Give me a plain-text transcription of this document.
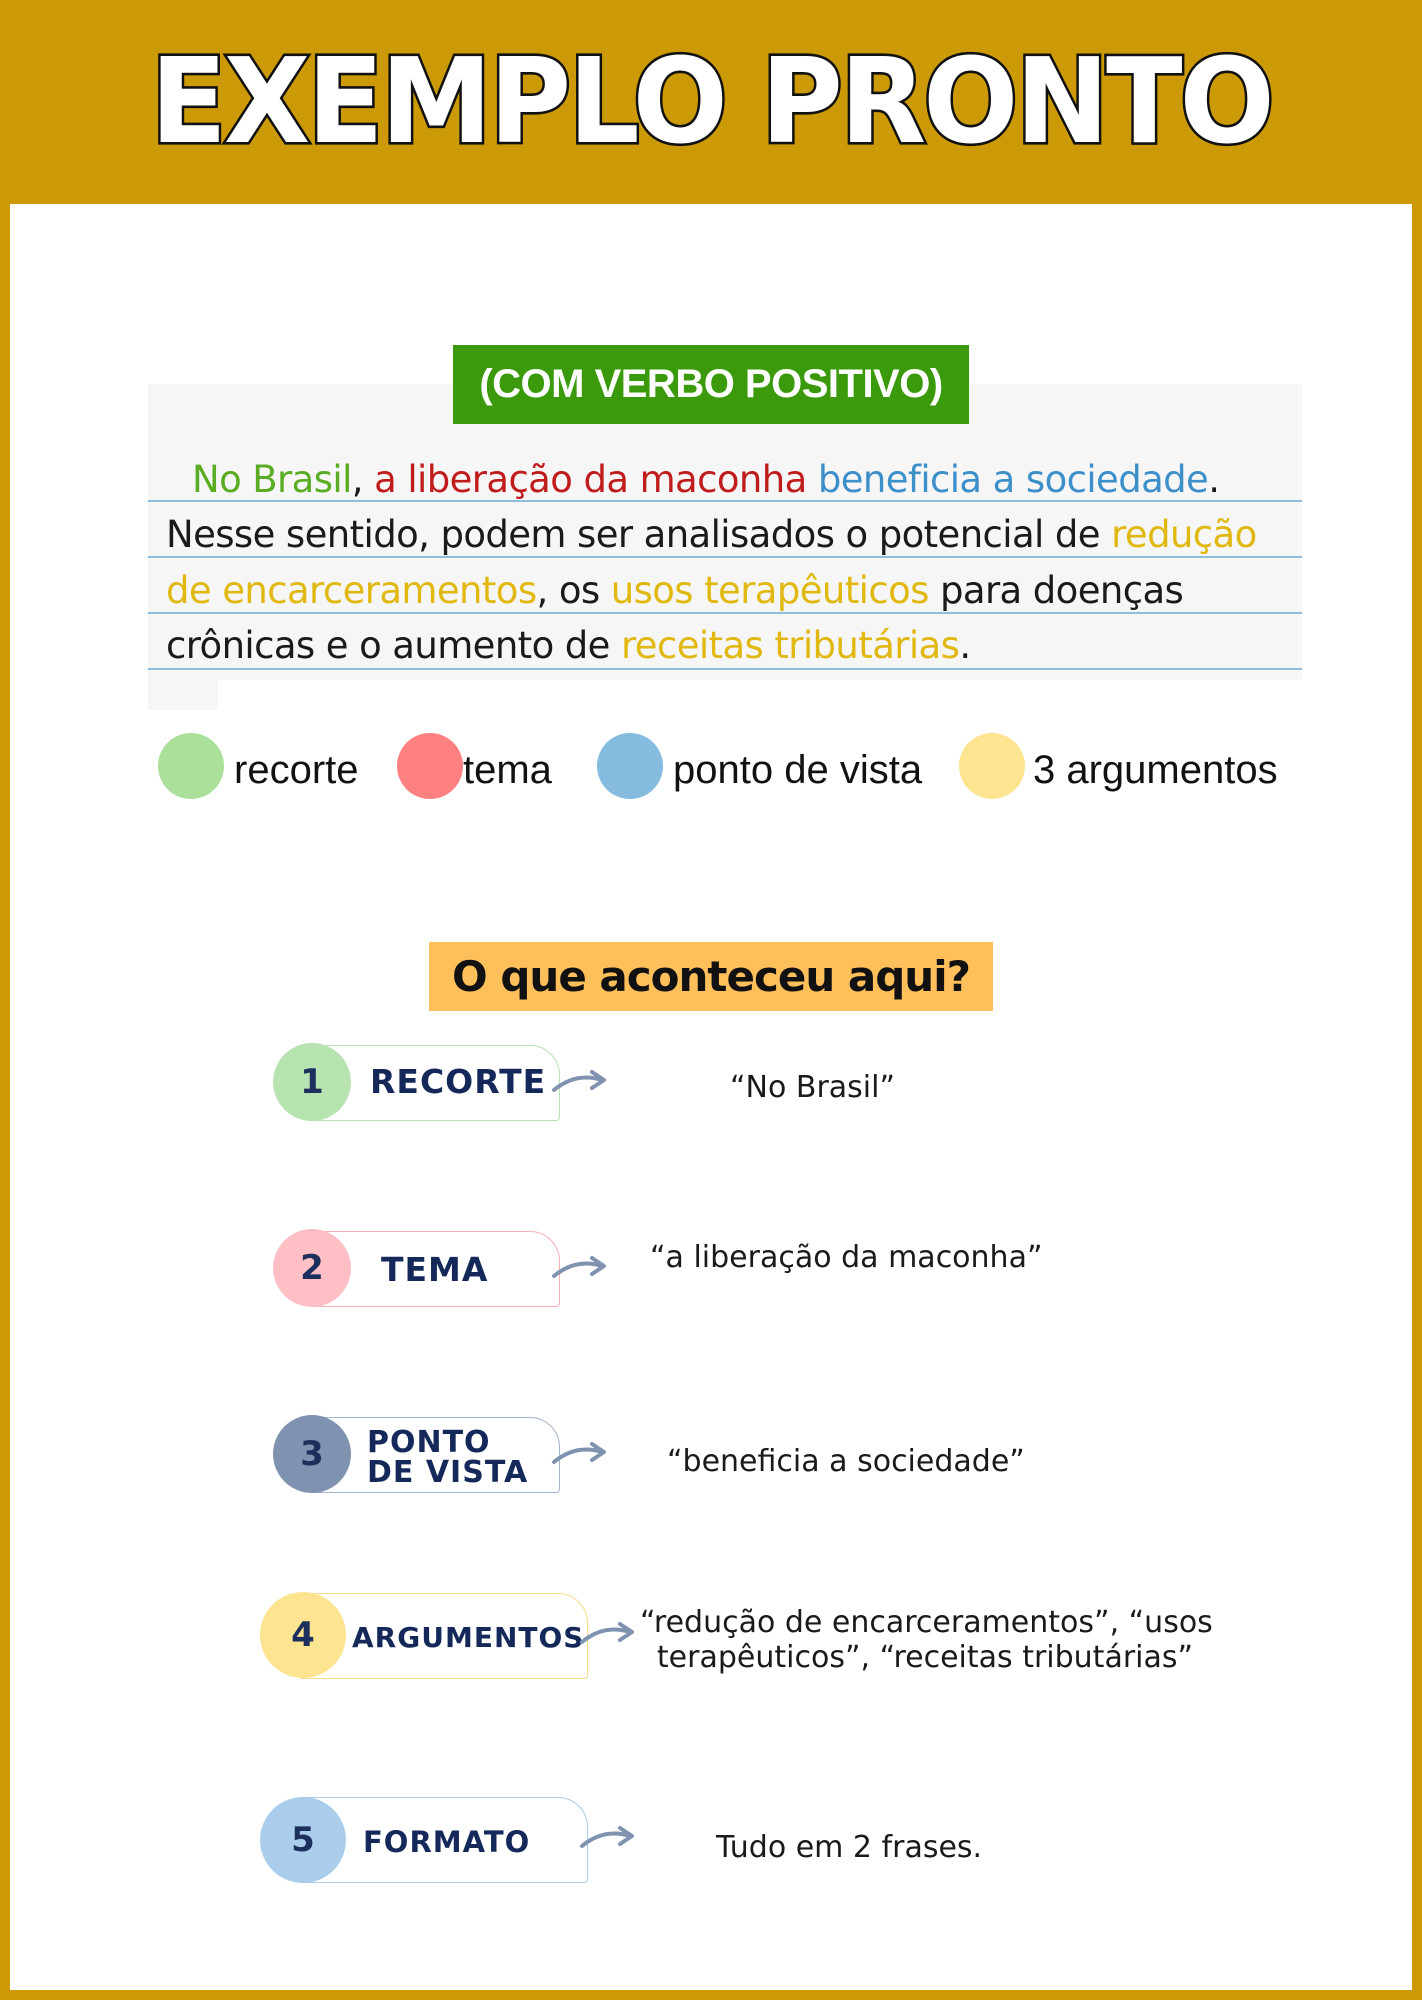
EXEMPLO PRONTO
(COM VERBO POSITIVO)
No Brasil, a liberação da maconha beneficia a sociedade.
Nesse sentido, podem ser analisados o potencial de redução
de encarceramentos, os usos terapêuticos para doenças
crônicas e o aumento de receitas tributárias.
recorte	tema	ponto de vista	3 argumentos
O que aconteceu aqui?
1 RECORTE	“No Brasil”
2 TEMA	“a liberação da maconha”
3 PONTO
DE VISTA	“beneficia a sociedade”
4 ARGUMENTOS “redução de encarceramentos”, “usos
terapêuticos”, “receitas tributárias”
5 FORMATO	Tudo em 2 frases.
